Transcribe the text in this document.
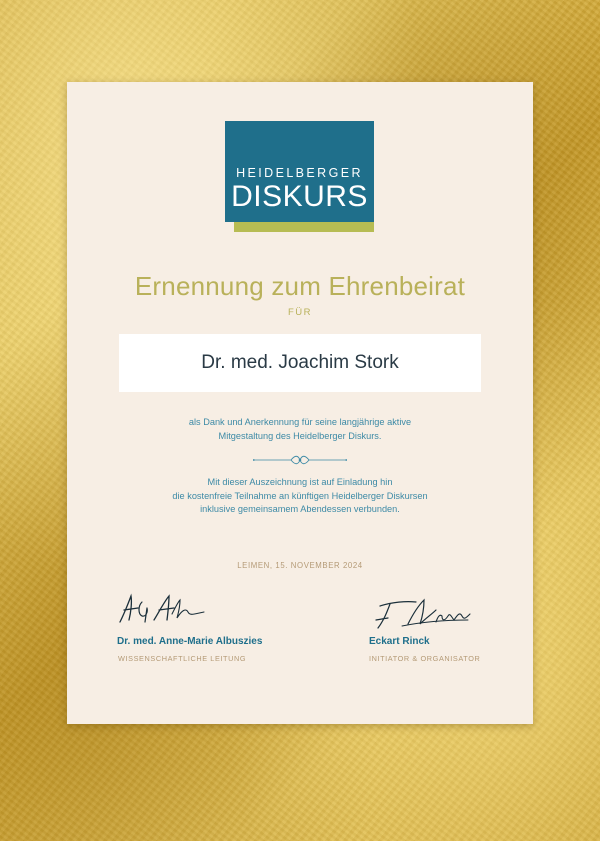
HEIDELBERGER
DISKURS
Ernennung zum Ehrenbeirat
FÜR
Dr. med. Joachim Stork
als Dank und Anerkennung für seine langjährige aktive
Mitgestaltung des Heidelberger Diskurs.
Mit dieser Auszeichnung ist auf Einladung hin
die kostenfreie Teilnahme an künftigen Heidelberger Diskursen
inklusive gemeinsamem Abendessen verbunden.
LEIMEN, 15. NOVEMBER 2024
Dr. med. Anne-Marie Albuszies
WISSENSCHAFTLICHE LEITUNG
Eckart Rinck
INITIATOR & ORGANISATOR
